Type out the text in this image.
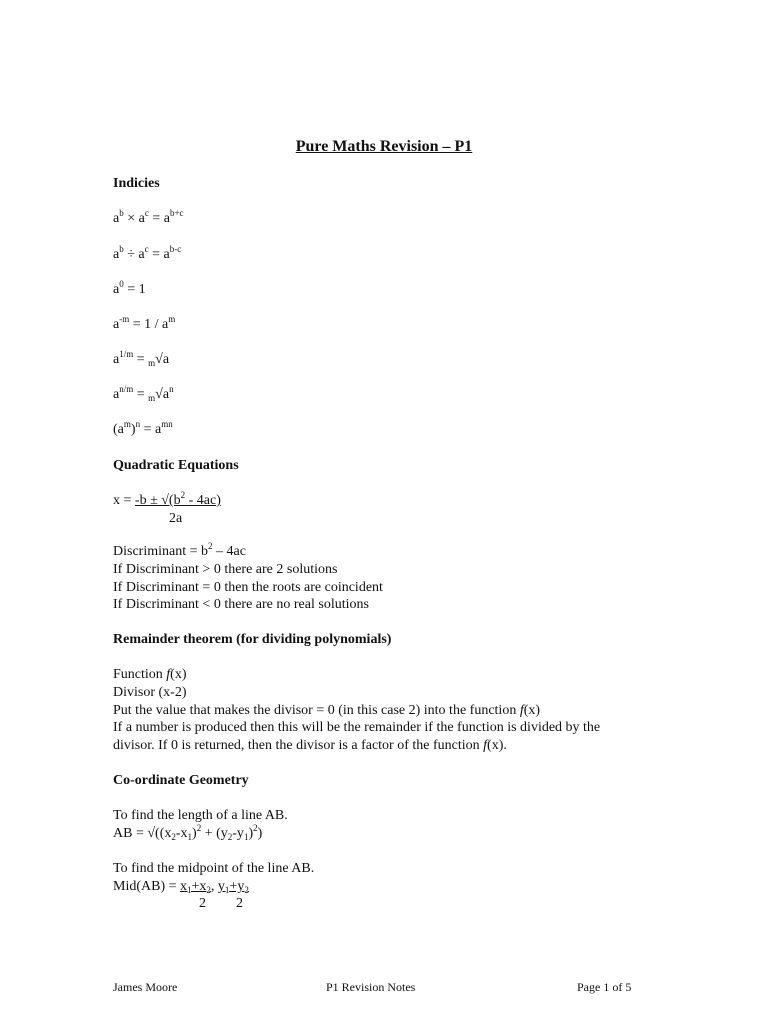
Pure Maths Revision – P1
Indicies
$a^b \times a^c = a^{b+c}$
$a^b \div a^c = a^{b-c}$
$a^0 = 1$
$a^{-m} = 1 / a^m$
$a^{1/m} = _m√a$
$a^{n/m} = _m√a^n$
$(a^m)^n = a^{mn}$
Quadratic Equations
$x = -b \pm √(b^2 - 4ac)$
2a
Discriminant = $b^2 - 4ac$
If Discriminant > 0 there are 2 solutions
If Discriminant = 0 then the roots are coincident
If Discriminant < 0 there are no real solutions
Remainder theorem (for dividing polynomials)
Function f(x)
Divisor (x-2)
Put the value that makes the divisor = 0 (in this case 2) into the function f(x)
If a number is produced then this will be the remainder if the function is divided by the
divisor. If 0 is returned, then the divisor is a factor of the function f(x).
Co-ordinate Geometry
To find the length of a line AB.
AB = $√((x_2-x_1)^2 + (y_2-y_1)^2)$
To find the midpoint of the line AB.
$Mid(AB) = x_1+x_2$, $y_1+y_2$
2 2
James Moore	P1 Revision Notes	Page 1 of 5
